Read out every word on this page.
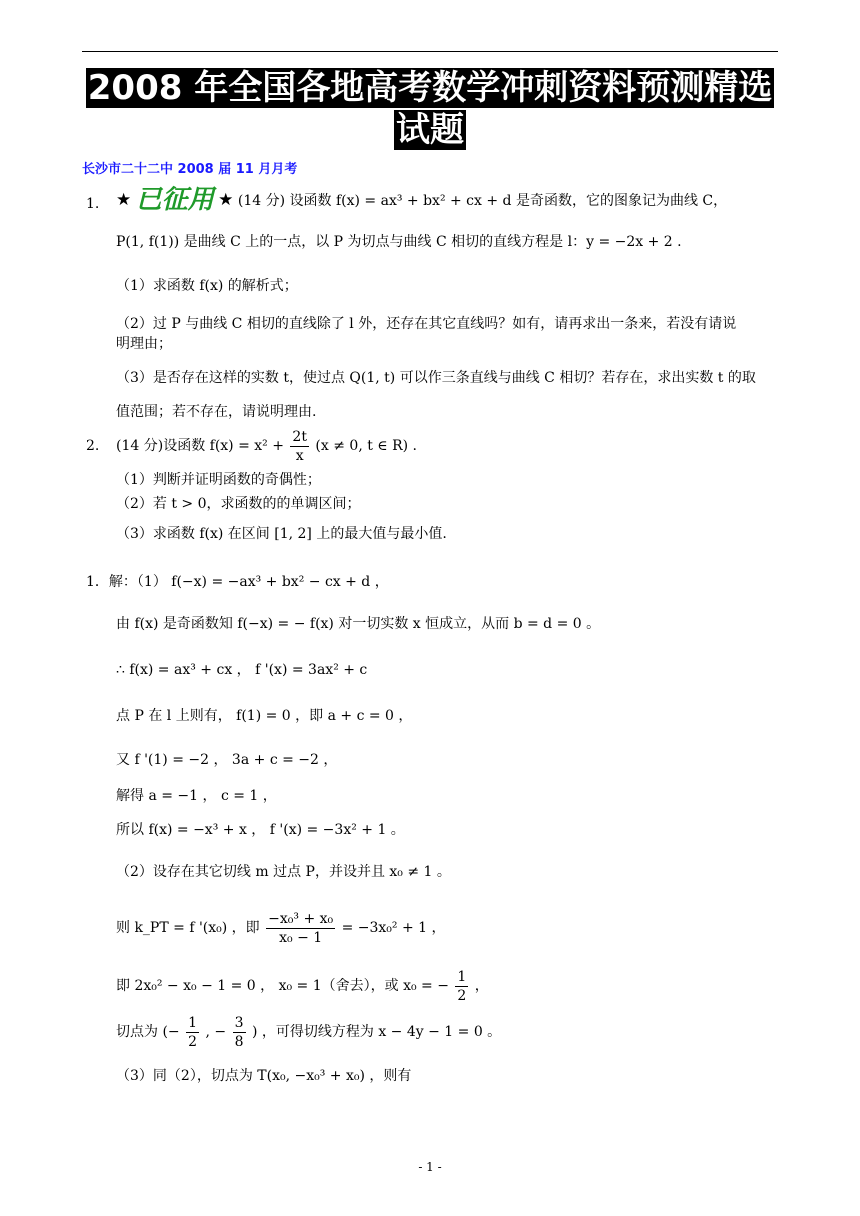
2008 年全国各地高考数学冲刺资料预测精选
试题
长沙市二十二中 2008 届 11 月月考
1. ★ 已征用 ★ (14 分) 设函数 f(x) = ax³ + bx² + cx + d 是奇函数，它的图象记为曲线 C，
P(1, f(1)) 是曲线 C 上的一点，以 P 为切点与曲线 C 相切的直线方程是 l：y = −2x + 2 .
（1）求函数 f(x) 的解析式；
（2）过 P 与曲线 C 相切的直线除了 l 外，还存在其它直线吗？如有，请再求出一条来，若没有请说
明理由；
（3）是否存在这样的实数 t，使过点 Q(1, t) 可以作三条直线与曲线 C 相切？若存在，求出实数 t 的取
值范围；若不存在，请说明理由.
2. (14 分)设函数 $f(x) = x^2 + \frac{2t}{x} (x \ne 0$, t ∈ R) .
（1）判断并证明函数的奇偶性；
（2）若 t > 0，求函数的的单调区间；
（3）求函数 f(x) 在区间 [1, 2] 上的最大值与最小值.
1．解：（1） f(−x) = −ax³ + bx² − cx + d ，
由 f(x) 是奇函数知 f(−x) = − f(x) 对一切实数 x 恒成立，从而 b = d = 0 。
∴ f(x) = ax³ + cx ， f '(x) = 3ax² + c
点 P 在 l 上则有， f(1) = 0 ，即 a + c = 0 ，
又 f '(1) = −2 ， 3a + c = −2 ，
解得 a = −1 ， c = 1 ，
所以 f(x) = −x³ + x ， f '(x) = −3x² + 1 。
（2）设存在其它切线 m 过点 P，并设并且 x₀ ≠ 1 。
则 k_PT = f '(x₀) ，即 $\frac{\text{−x₀³ + x₀}}{\text{x₀ − 1}} = -3x_0^2 + 1$ ，
即 2x₀² − x₀ − 1 = 0 ， x₀ = 1（舍去），或 x₀ = − $\frac{1}{2}$ ，
切点为 (− $\frac{1}{2}$ , − $\frac{3}{8}$ ) ，可得切线方程为 x − 4y − 1 = 0 。
（3）同（2），切点为 T(x₀, −x₀³ + x₀) ，则有
- 1 -
